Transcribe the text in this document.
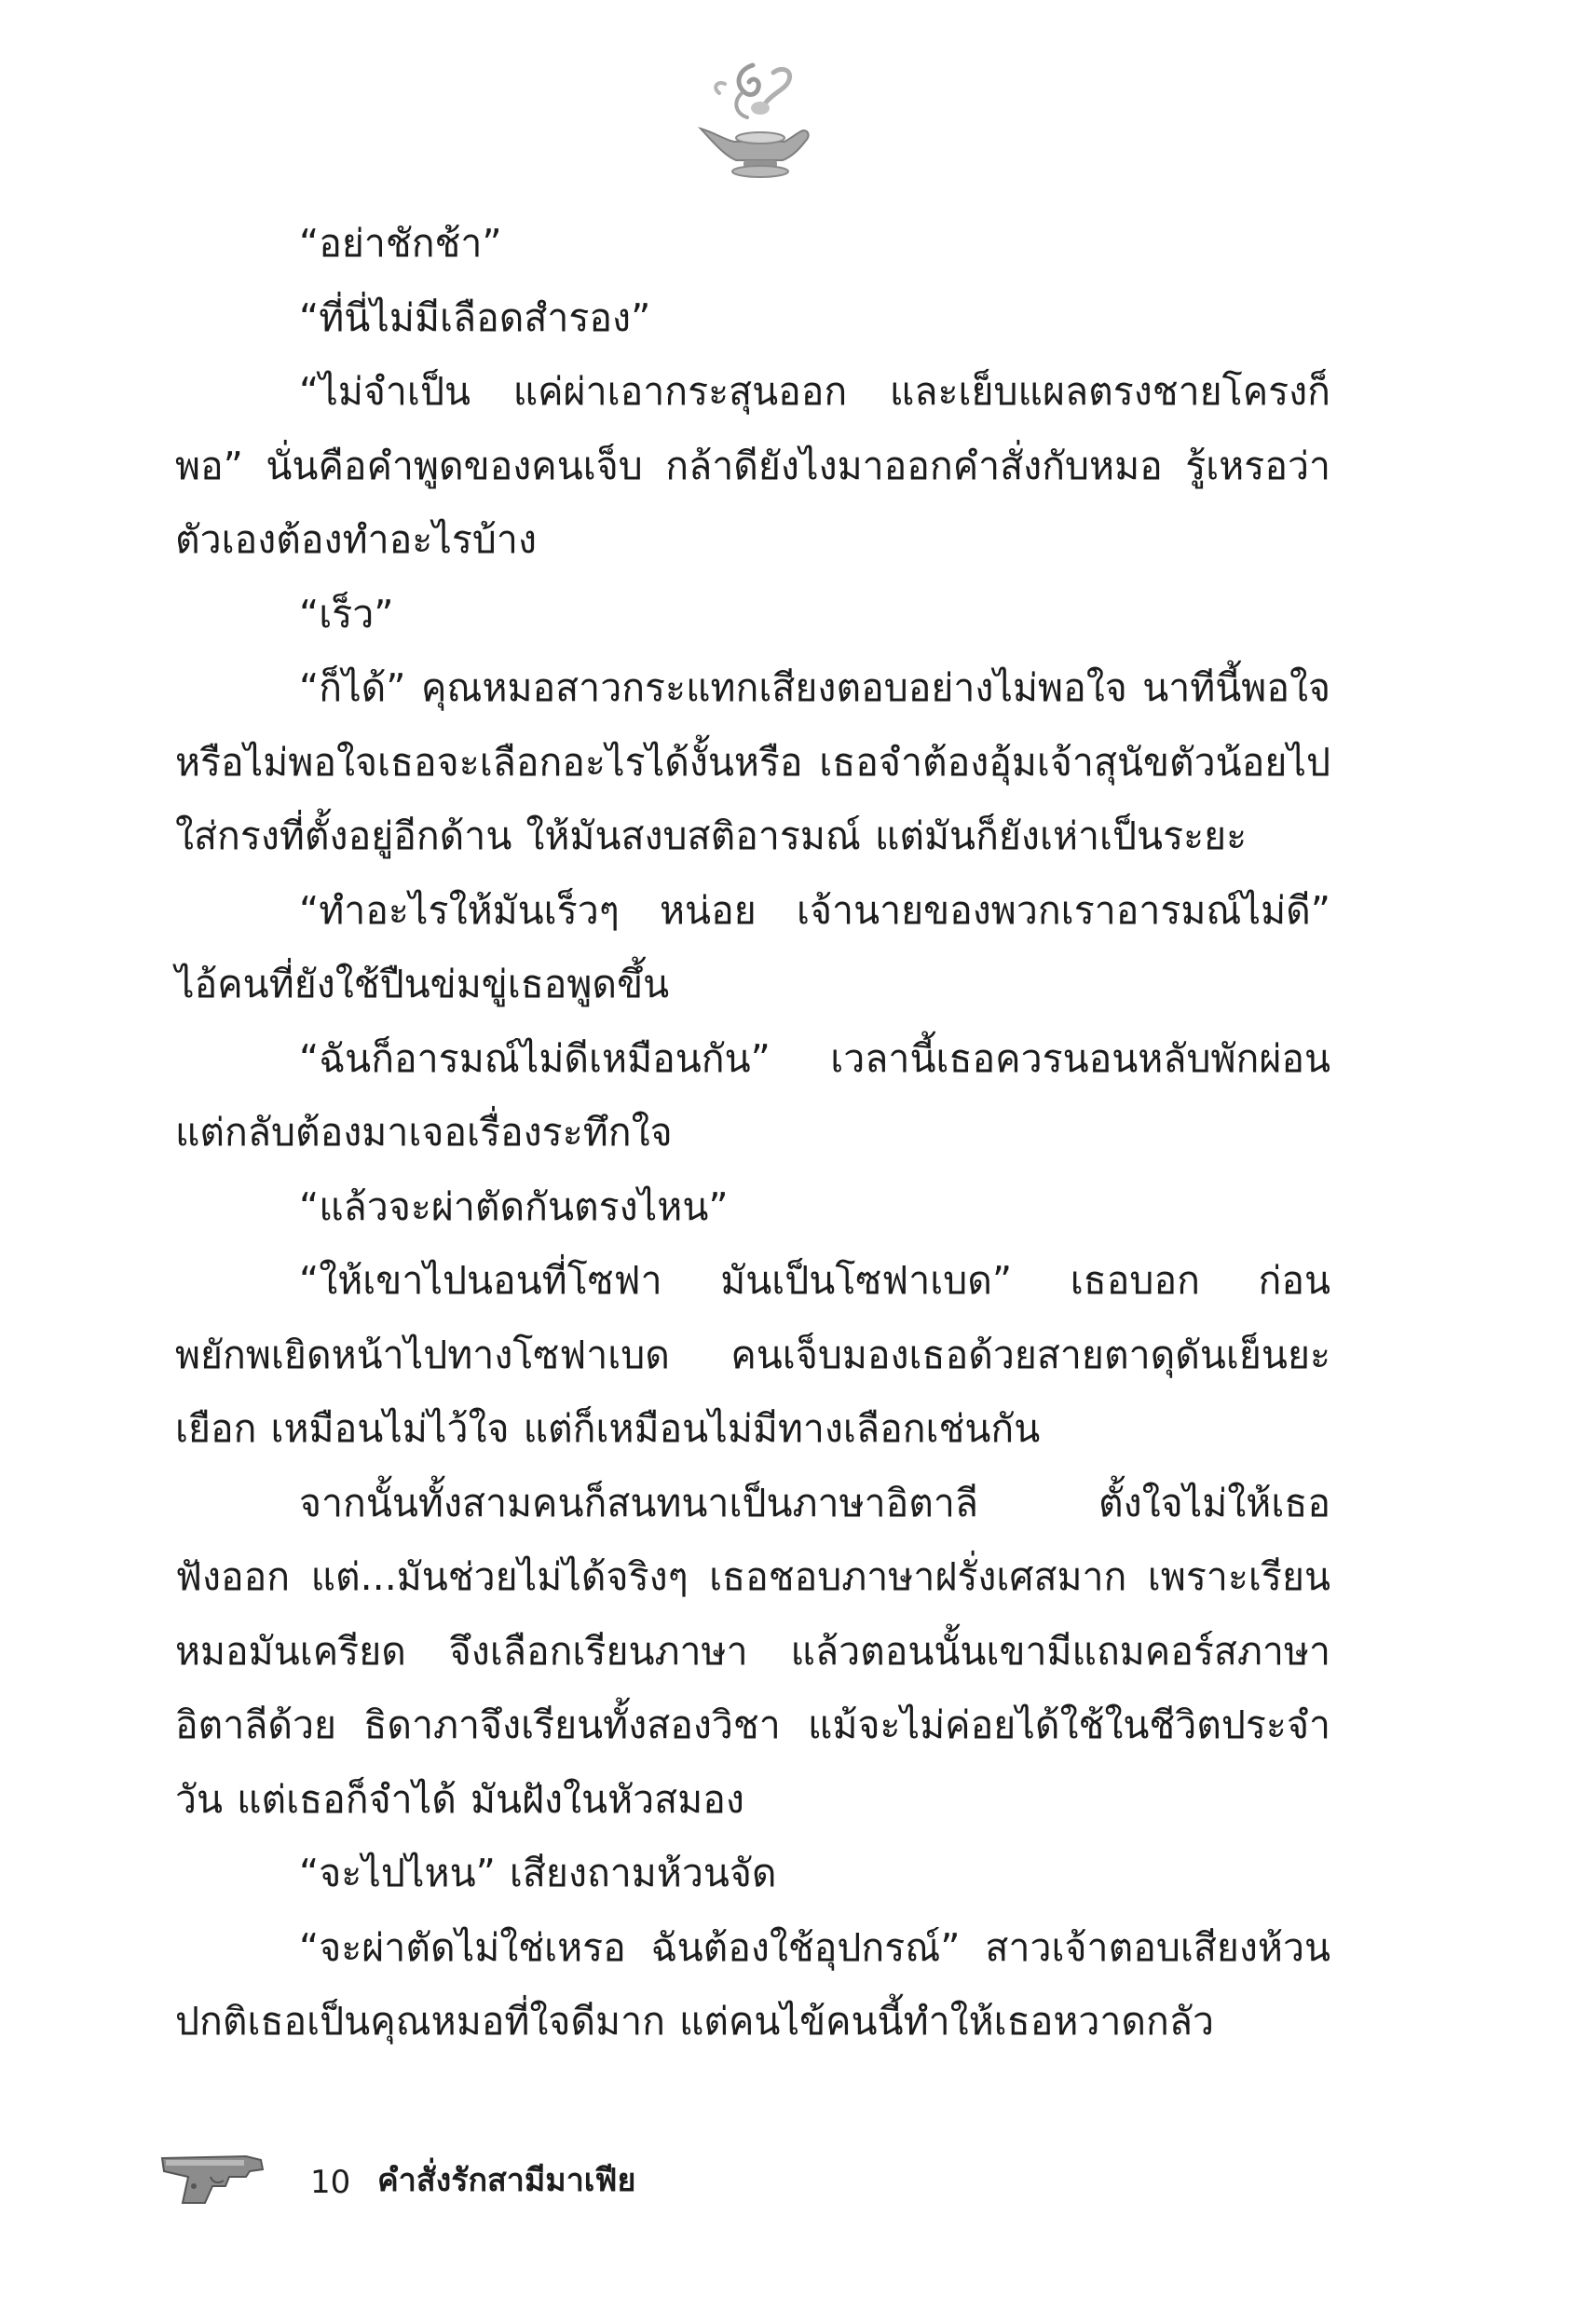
“อย่าชักช้า”

“ที่นี่ไม่มีเลือดสำรอง”

“ไม่จำเป็น แค่ผ่าเอากระสุนออก และเย็บแผลตรงชายโครงก็พอ” นั่นคือคำพูดของคนเจ็บ กล้าดียังไงมาออกคำสั่งกับหมอ รู้เหรอว่าตัวเองต้องทำอะไรบ้าง

“เร็ว”

“ก็ได้” คุณหมอสาวกระแทกเสียงตอบอย่างไม่พอใจ นาทีนี้พอใจหรือไม่พอใจเธอจะเลือกอะไรได้งั้นหรือ เธอจำต้องอุ้มเจ้าสุนัขตัวน้อยไปใส่กรงที่ตั้งอยู่อีกด้าน ให้มันสงบสติอารมณ์ แต่มันก็ยังเห่าเป็นระยะ

“ทำอะไรให้มันเร็วๆ หน่อย เจ้านายของพวกเราอารมณ์ไม่ดี” ไอ้คนที่ยังใช้ปืนข่มขู่เธอพูดขึ้น

“ฉันก็อารมณ์ไม่ดีเหมือนกัน” เวลานี้เธอควรนอนหลับพักผ่อน แต่กลับต้องมาเจอเรื่องระทึกใจ

“แล้วจะผ่าตัดกันตรงไหน”

“ให้เขาไปนอนที่โซฟา มันเป็นโซฟาเบด” เธอบอก ก่อนพยักพเยิดหน้าไปทางโซฟาเบด คนเจ็บมองเธอด้วยสายตาดุดันเย็นยะเยือก เหมือนไม่ไว้ใจ แต่ก็เหมือนไม่มีทางเลือกเช่นกัน

จากนั้นทั้งสามคนก็สนทนาเป็นภาษาอิตาลี ตั้งใจไม่ให้เธอฟังออก แต่...มันช่วยไม่ได้จริงๆ เธอชอบภาษาฝรั่งเศสมาก เพราะเรียนหมอมันเครียด จึงเลือกเรียนภาษา แล้วตอนนั้นเขามีแถมคอร์สภาษาอิตาลีด้วย ธิดาภาจึงเรียนทั้งสองวิชา แม้จะไม่ค่อยได้ใช้ในชีวิตประจำวัน แต่เธอก็จำได้ มันฝังในหัวสมอง

“จะไปไหน” เสียงถามห้วนจัด

“จะผ่าตัดไม่ใช่เหรอ ฉันต้องใช้อุปกรณ์” สาวเจ้าตอบเสียงห้วน ปกติเธอเป็นคุณหมอที่ใจดีมาก แต่คนไข้คนนี้ทำให้เธอหวาดกลัว

10 คำสั่งรักสามีมาเฟีย
